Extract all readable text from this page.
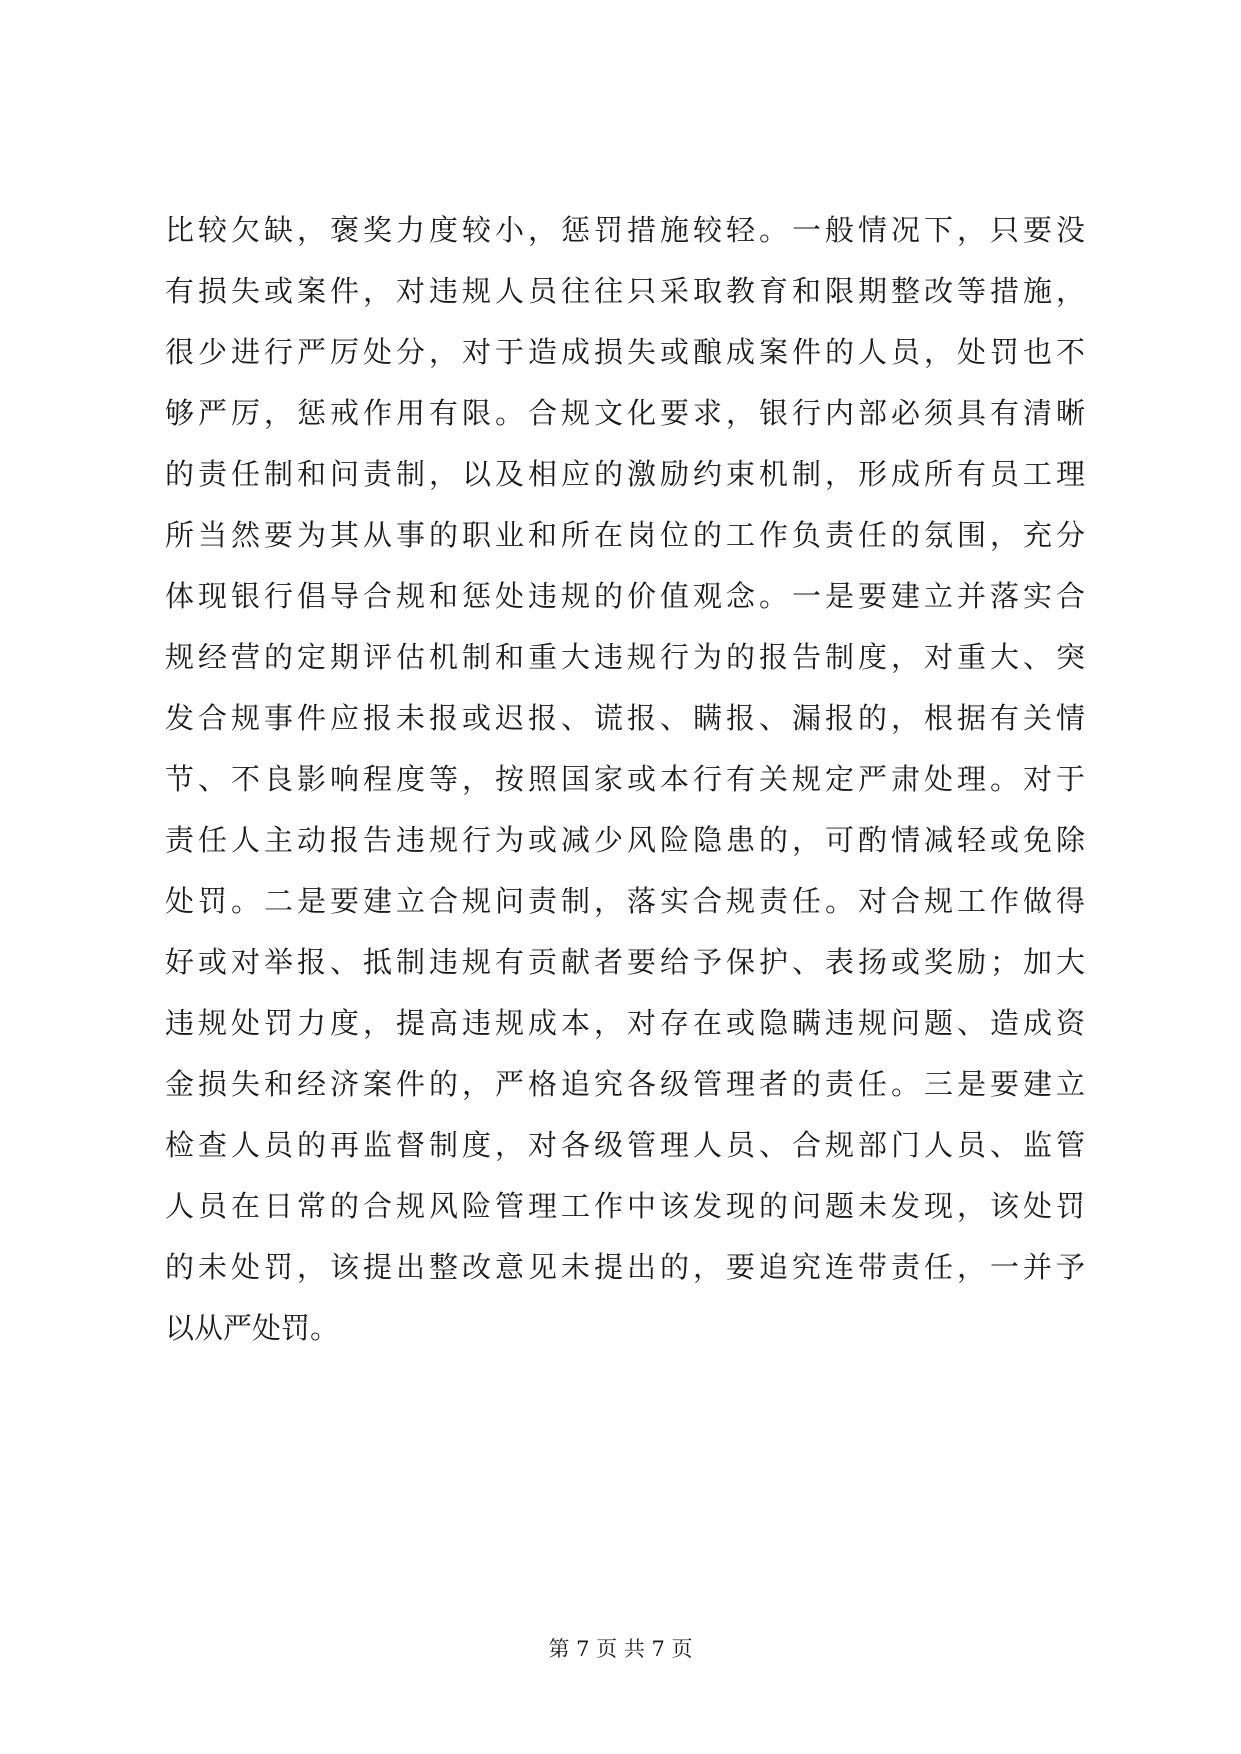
比较欠缺，褒奖力度较小，惩罚措施较轻。一般情况下，只要没
有损失或案件，对违规人员往往只采取教育和限期整改等措施，
很少进行严厉处分，对于造成损失或酿成案件的人员，处罚也不
够严厉，惩戒作用有限。合规文化要求，银行内部必须具有清晰
的责任制和问责制，以及相应的激励约束机制，形成所有员工理
所当然要为其从事的职业和所在岗位的工作负责任的氛围，充分
体现银行倡导合规和惩处违规的价值观念。一是要建立并落实合
规经营的定期评估机制和重大违规行为的报告制度，对重大、突
发合规事件应报未报或迟报、谎报、瞒报、漏报的，根据有关情
节、不良影响程度等，按照国家或本行有关规定严肃处理。对于
责任人主动报告违规行为或减少风险隐患的，可酌情减轻或免除
处罚。二是要建立合规问责制，落实合规责任。对合规工作做得
好或对举报、抵制违规有贡献者要给予保护、表扬或奖励；加大
违规处罚力度，提高违规成本，对存在或隐瞒违规问题、造成资
金损失和经济案件的，严格追究各级管理者的责任。三是要建立
检查人员的再监督制度，对各级管理人员、合规部门人员、监管
人员在日常的合规风险管理工作中该发现的问题未发现，该处罚
的未处罚，该提出整改意见未提出的，要追究连带责任，一并予
以从严处罚。
第 7 页 共 7 页
